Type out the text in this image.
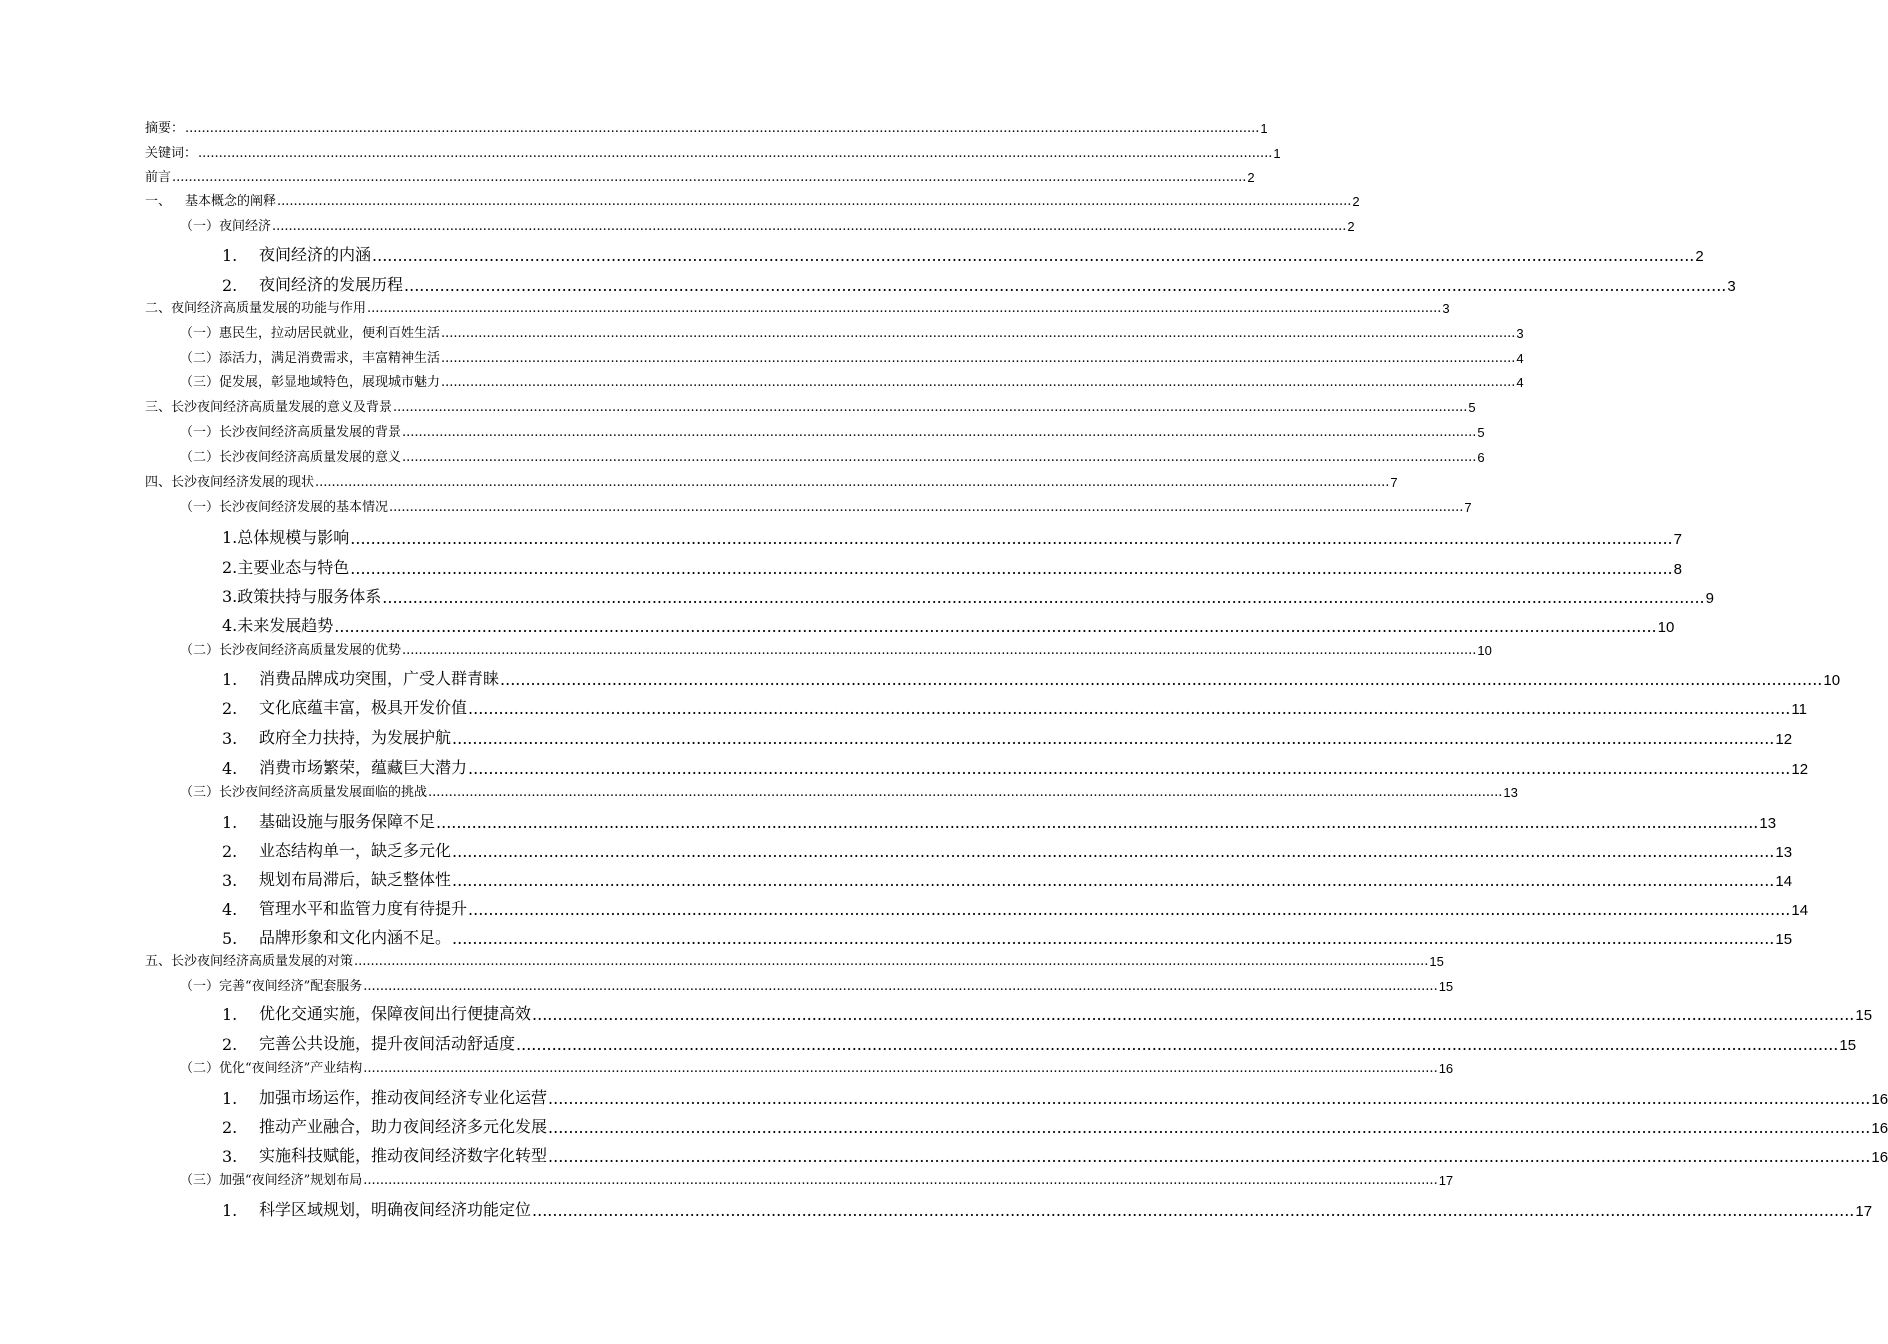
摘要： .................................................................................................................................................................................................................................................................... 1
关键词： .................................................................................................................................................................................................................................................................... 1
前言 .................................................................................................................................................................................................................................................................... 2
一、	基本概念的阐释 .................................................................................................................................................................................................................................................................... 2
（一）夜间经济 .................................................................................................................................................................................................................................................................... 2
1.	夜间经济的内涵 .................................................................................................................................................................................................................................................................... 2
2.	夜间经济的发展历程 .................................................................................................................................................................................................................................................................... 3
二、夜间经济高质量发展的功能与作用 .................................................................................................................................................................................................................................................................... 3
（一）惠民生，拉动居民就业，便利百姓生活 .................................................................................................................................................................................................................................................................... 3
（二）添活力，满足消费需求，丰富精神生活 .................................................................................................................................................................................................................................................................... 4
（三）促发展，彰显地域特色，展现城市魅力 .................................................................................................................................................................................................................................................................... 4
三、长沙夜间经济高质量发展的意义及背景 .................................................................................................................................................................................................................................................................... 5
（一）长沙夜间经济高质量发展的背景 .................................................................................................................................................................................................................................................................... 5
（二）长沙夜间经济高质量发展的意义 .................................................................................................................................................................................................................................................................... 6
四、长沙夜间经济发展的现状 .................................................................................................................................................................................................................................................................... 7
（一）长沙夜间经济发展的基本情况 .................................................................................................................................................................................................................................................................... 7
1.总体规模与影响 .................................................................................................................................................................................................................................................................... 7
2.主要业态与特色 .................................................................................................................................................................................................................................................................... 8
3.政策扶持与服务体系 .................................................................................................................................................................................................................................................................... 9
4.未来发展趋势 .................................................................................................................................................................................................................................................................... 10
（二）长沙夜间经济高质量发展的优势 .................................................................................................................................................................................................................................................................... 10
1.	消费品牌成功突围，广受人群青睐 .................................................................................................................................................................................................................................................................... 10
2.	文化底蕴丰富，极具开发价值 .................................................................................................................................................................................................................................................................... 11
3.	政府全力扶持，为发展护航 .................................................................................................................................................................................................................................................................... 12
4.	消费市场繁荣，蕴藏巨大潜力 .................................................................................................................................................................................................................................................................... 12
（三）长沙夜间经济高质量发展面临的挑战 .................................................................................................................................................................................................................................................................... 13
1.	基础设施与服务保障不足 .................................................................................................................................................................................................................................................................... 13
2.	业态结构单一，缺乏多元化 .................................................................................................................................................................................................................................................................... 13
3.	规划布局滞后，缺乏整体性 .................................................................................................................................................................................................................................................................... 14
4.	管理水平和监管力度有待提升 .................................................................................................................................................................................................................................................................... 14
5.	品牌形象和文化内涵不足。 .................................................................................................................................................................................................................................................................... 15
五、长沙夜间经济高质量发展的对策 .................................................................................................................................................................................................................................................................... 15
（一）完善“夜间经济”配套服务 .................................................................................................................................................................................................................................................................... 15
1.	优化交通实施，保障夜间出行便捷高效 .................................................................................................................................................................................................................................................................... 15
2.	完善公共设施，提升夜间活动舒适度 .................................................................................................................................................................................................................................................................... 15
（二）优化“夜间经济”产业结构 .................................................................................................................................................................................................................................................................... 16
1.	加强市场运作，推动夜间经济专业化运营 .................................................................................................................................................................................................................................................................... 16
2.	推动产业融合，助力夜间经济多元化发展 .................................................................................................................................................................................................................................................................... 16
3.	实施科技赋能，推动夜间经济数字化转型 .................................................................................................................................................................................................................................................................... 16
（三）加强“夜间经济”规划布局 .................................................................................................................................................................................................................................................................... 17
1.	科学区域规划，明确夜间经济功能定位 .................................................................................................................................................................................................................................................................... 17
